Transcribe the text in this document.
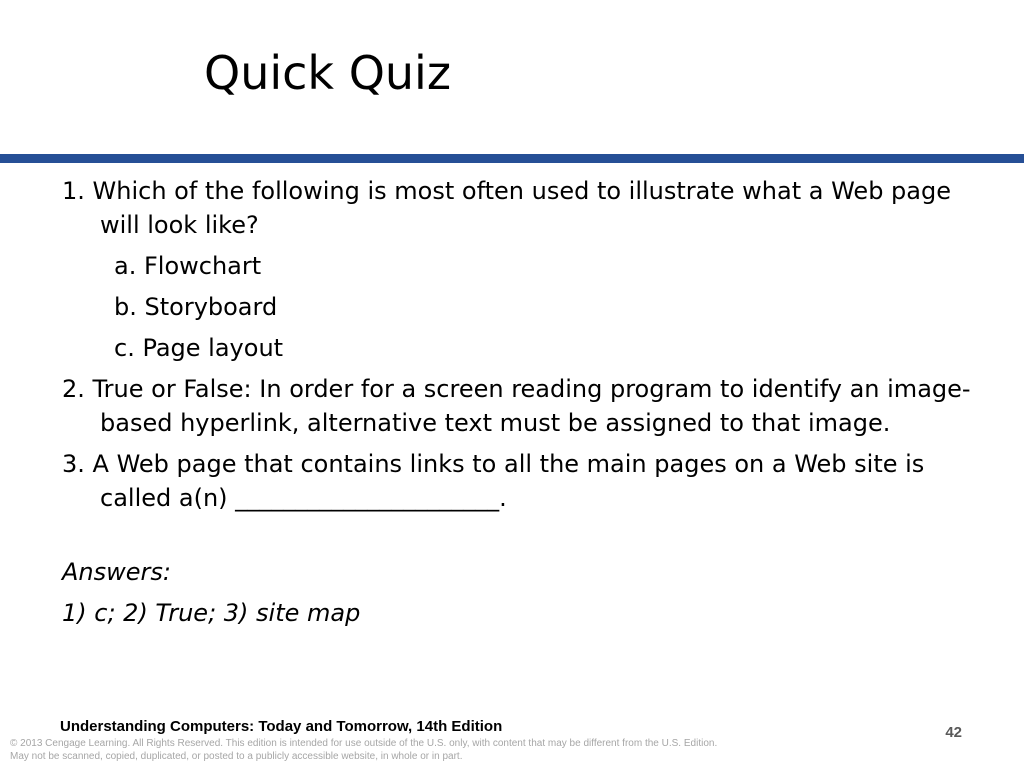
Quick Quiz
1. Which of the following is most often used to illustrate what a Web page will look like?
a. Flowchart
b. Storyboard
c. Page layout
2. True or False: In order for a screen reading program to identify an image-based hyperlink, alternative text must be assigned to that image.
3. A Web page that contains links to all the main pages on a Web site is called a(n) ______________________.
Answers:
1) c; 2) True; 3) site map
Understanding Computers: Today and Tomorrow, 14th Edition	42
© 2013 Cengage Learning. All Rights Reserved. This edition is intended for use outside of the U.S. only, with content that may be different from the U.S. Edition.
May not be scanned, copied, duplicated, or posted to a publicly accessible website, in whole or in part.
